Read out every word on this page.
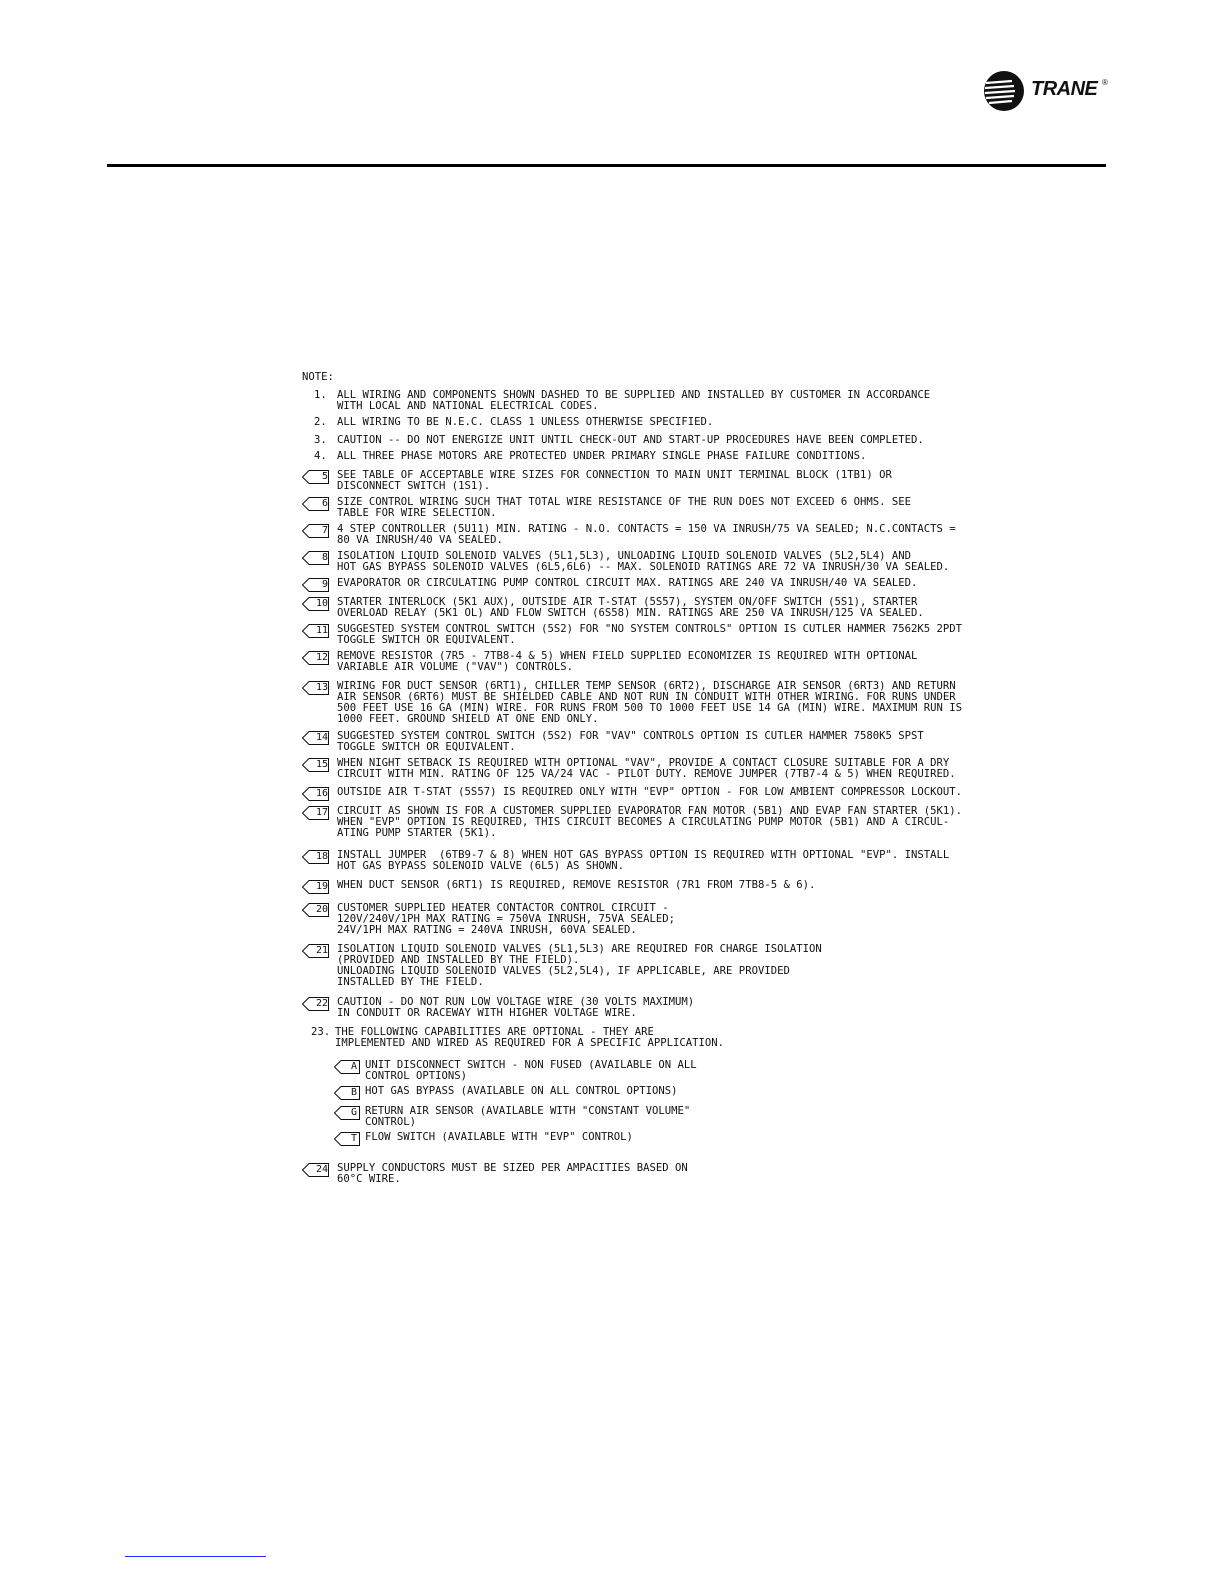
TRANE ®
NOTE:
1. ALL WIRING AND COMPONENTS SHOWN DASHED TO BE SUPPLIED AND INSTALLED BY CUSTOMER IN ACCORDANCE
WITH LOCAL AND NATIONAL ELECTRICAL CODES.
2. ALL WIRING TO BE N.E.C. CLASS 1 UNLESS OTHERWISE SPECIFIED.
3. CAUTION -- DO NOT ENERGIZE UNIT UNTIL CHECK-OUT AND START-UP PROCEDURES HAVE BEEN COMPLETED.
4. ALL THREE PHASE MOTORS ARE PROTECTED UNDER PRIMARY SINGLE PHASE FAILURE CONDITIONS.
5 SEE TABLE OF ACCEPTABLE WIRE SIZES FOR CONNECTION TO MAIN UNIT TERMINAL BLOCK (1TB1) OR
DISCONNECT SWITCH (1S1).
6 SIZE CONTROL WIRING SUCH THAT TOTAL WIRE RESISTANCE OF THE RUN DOES NOT EXCEED 6 OHMS. SEE
TABLE FOR WIRE SELECTION.
7 4 STEP CONTROLLER (5U11) MIN. RATING - N.O. CONTACTS = 150 VA INRUSH/75 VA SEALED; N.C.CONTACTS =
80 VA INRUSH/40 VA SEALED.
8 ISOLATION LIQUID SOLENOID VALVES (5L1,5L3), UNLOADING LIQUID SOLENOID VALVES (5L2,5L4) AND
HOT GAS BYPASS SOLENOID VALVES (6L5,6L6) -- MAX. SOLENOID RATINGS ARE 72 VA INRUSH/30 VA SEALED.
9 EVAPORATOR OR CIRCULATING PUMP CONTROL CIRCUIT MAX. RATINGS ARE 240 VA INRUSH/40 VA SEALED.
10 STARTER INTERLOCK (5K1 AUX), OUTSIDE AIR T-STAT (5S57), SYSTEM ON/OFF SWITCH (5S1), STARTER
OVERLOAD RELAY (5K1 OL) AND FLOW SWITCH (6S58) MIN. RATINGS ARE 250 VA INRUSH/125 VA SEALED.
11 SUGGESTED SYSTEM CONTROL SWITCH (5S2) FOR "NO SYSTEM CONTROLS" OPTION IS CUTLER HAMMER 7562K5 2PDT
TOGGLE SWITCH OR EQUIVALENT.
12 REMOVE RESISTOR (7R5 - 7TB8-4 & 5) WHEN FIELD SUPPLIED ECONOMIZER IS REQUIRED WITH OPTIONAL
VARIABLE AIR VOLUME ("VAV") CONTROLS.
13 WIRING FOR DUCT SENSOR (6RT1), CHILLER TEMP SENSOR (6RT2), DISCHARGE AIR SENSOR (6RT3) AND RETURN
AIR SENSOR (6RT6) MUST BE SHIELDED CABLE AND NOT RUN IN CONDUIT WITH OTHER WIRING. FOR RUNS UNDER
500 FEET USE 16 GA (MIN) WIRE. FOR RUNS FROM 500 TO 1000 FEET USE 14 GA (MIN) WIRE. MAXIMUM RUN IS
1000 FEET. GROUND SHIELD AT ONE END ONLY.
14 SUGGESTED SYSTEM CONTROL SWITCH (5S2) FOR "VAV" CONTROLS OPTION IS CUTLER HAMMER 7580K5 SPST
TOGGLE SWITCH OR EQUIVALENT.
15 WHEN NIGHT SETBACK IS REQUIRED WITH OPTIONAL "VAV", PROVIDE A CONTACT CLOSURE SUITABLE FOR A DRY
CIRCUIT WITH MIN. RATING OF 125 VA/24 VAC - PILOT DUTY. REMOVE JUMPER (7TB7-4 & 5) WHEN REQUIRED.
16 OUTSIDE AIR T-STAT (5S57) IS REQUIRED ONLY WITH "EVP" OPTION - FOR LOW AMBIENT COMPRESSOR LOCKOUT.
17 CIRCUIT AS SHOWN IS FOR A CUSTOMER SUPPLIED EVAPORATOR FAN MOTOR (5B1) AND EVAP FAN STARTER (5K1).
WHEN "EVP" OPTION IS REQUIRED, THIS CIRCUIT BECOMES A CIRCULATING PUMP MOTOR (5B1) AND A CIRCUL-
ATING PUMP STARTER (5K1).
18 INSTALL JUMPER  (6TB9-7 & 8) WHEN HOT GAS BYPASS OPTION IS REQUIRED WITH OPTIONAL "EVP". INSTALL
HOT GAS BYPASS SOLENOID VALVE (6L5) AS SHOWN.
19 WHEN DUCT SENSOR (6RT1) IS REQUIRED, REMOVE RESISTOR (7R1 FROM 7TB8-5 & 6).
20 CUSTOMER SUPPLIED HEATER CONTACTOR CONTROL CIRCUIT -
120V/240V/1PH MAX RATING = 750VA INRUSH, 75VA SEALED;
24V/1PH MAX RATING = 240VA INRUSH, 60VA SEALED.
21 ISOLATION LIQUID SOLENOID VALVES (5L1,5L3) ARE REQUIRED FOR CHARGE ISOLATION
(PROVIDED AND INSTALLED BY THE FIELD).
UNLOADING LIQUID SOLENOID VALVES (5L2,5L4), IF APPLICABLE, ARE PROVIDED
INSTALLED BY THE FIELD.
22 CAUTION - DO NOT RUN LOW VOLTAGE WIRE (30 VOLTS MAXIMUM)
IN CONDUIT OR RACEWAY WITH HIGHER VOLTAGE WIRE.
23. THE FOLLOWING CAPABILITIES ARE OPTIONAL - THEY ARE
IMPLEMENTED AND WIRED AS REQUIRED FOR A SPECIFIC APPLICATION.
24 SUPPLY CONDUCTORS MUST BE SIZED PER AMPACITIES BASED ON
60°C WIRE.
A UNIT DISCONNECT SWITCH - NON FUSED (AVAILABLE ON ALL
CONTROL OPTIONS)
B HOT GAS BYPASS (AVAILABLE ON ALL CONTROL OPTIONS)
G RETURN AIR SENSOR (AVAILABLE WITH "CONSTANT VOLUME"
CONTROL)
T FLOW SWITCH (AVAILABLE WITH "EVP" CONTROL)
